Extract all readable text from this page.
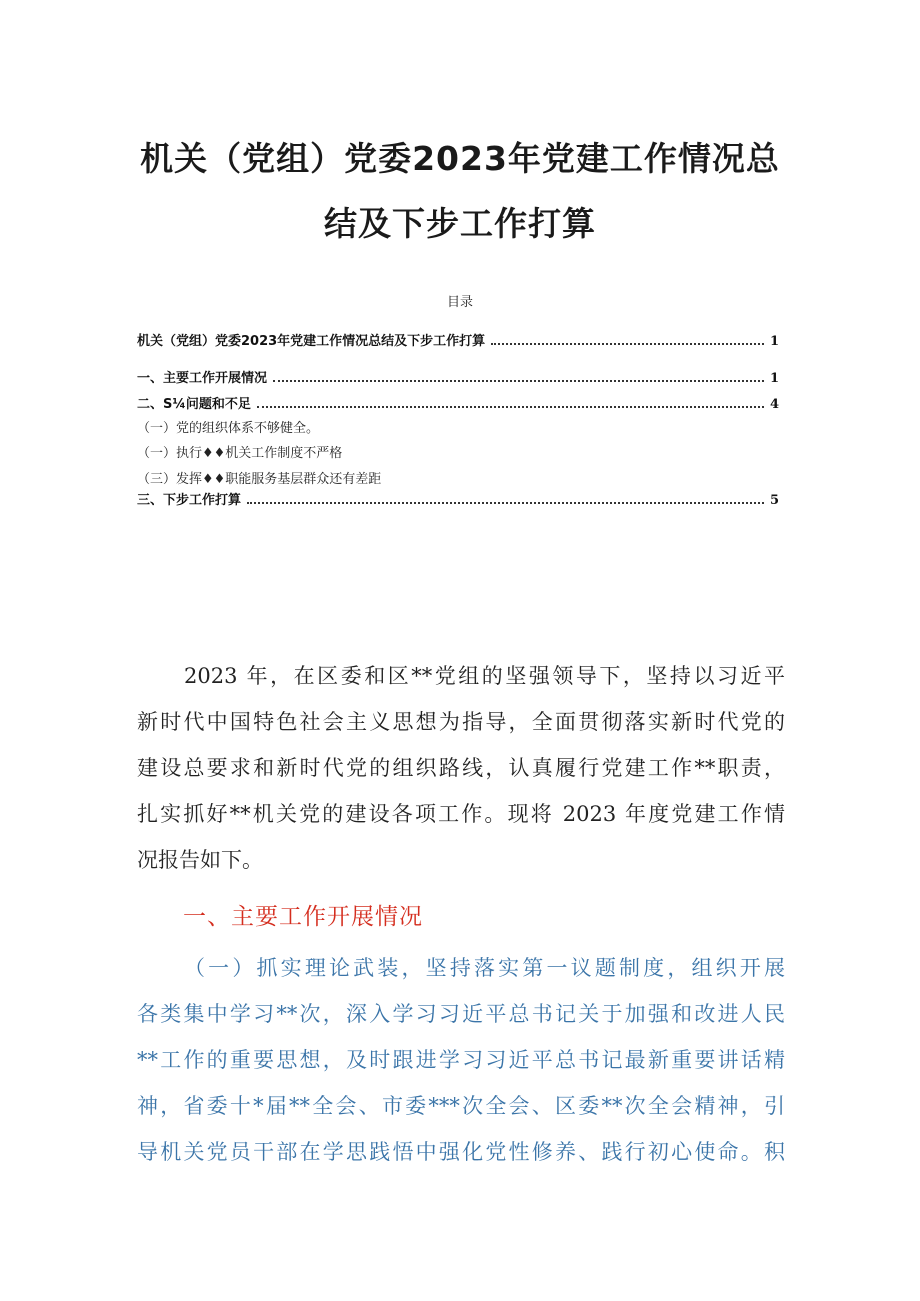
机关（党组）党委2023年党建工作情况总
结及下步工作打算
目录
机关（党组）党委2023年党建工作情况总结及下步工作打算	1
一、主要工作开展情况	1
二、S¼问题和不足	4
（一）党的组织体系不够健全。
（一）执行♦♦机关工作制度不严格
（三）发挥♦♦职能服务基层群众还有差距
三、下步工作打算	5
2023 年，在区委和区**党组的坚强领导下，坚持以习近平
新时代中国特色社会主义思想为指导，全面贯彻落实新时代党的
建设总要求和新时代党的组织路线，认真履行党建工作**职责，
扎实抓好**机关党的建设各项工作。现将 2023 年度党建工作情
况报告如下。
一、主要工作开展情况
（一）抓实理论武装，坚持落实第一议题制度，组织开展
各类集中学习**次，深入学习习近平总书记关于加强和改进人民
**工作的重要思想，及时跟进学习习近平总书记最新重要讲话精
神，省委十*届**全会、市委***次全会、区委**次全会精神，引
导机关党员干部在学思践悟中强化党性修养、践行初心使命。积
